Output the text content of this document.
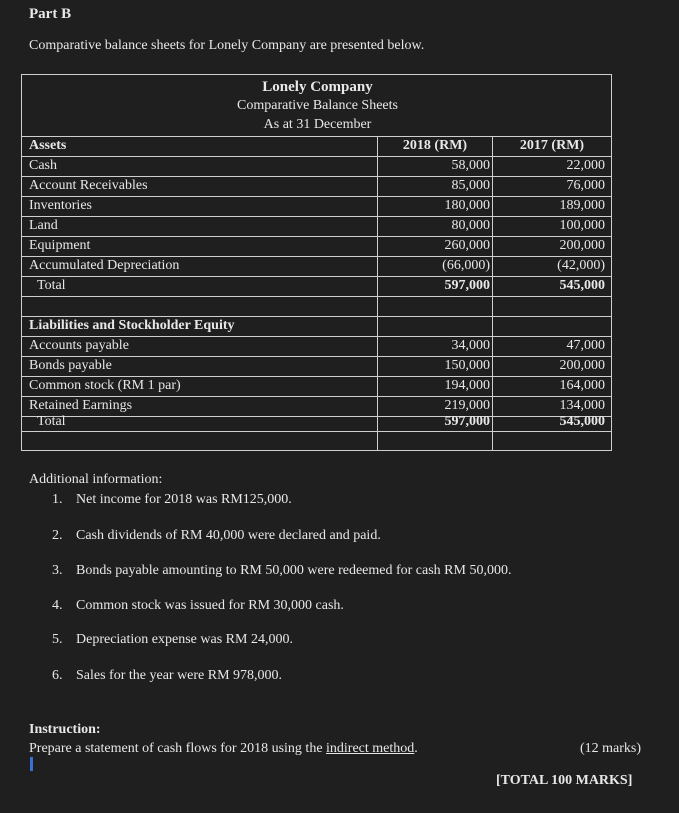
Part B
Comparative balance sheets for Lonely Company are presented below.
Lonely Company
Comparative Balance Sheets
As at 31 December
Assets	2018 (RM)	2017 (RM)
Cash	58,000	22,000
Account Receivables	85,000	76,000
Inventories	180,000	189,000
Land	80,000	100,000
Equipment	260,000	200,000
Accumulated Depreciation	(66,000)	(42,000)
Total	597,000	545,000
Liabilities and Stockholder Equity
Accounts payable	34,000	47,000
Bonds payable	150,000	200,000
Common stock (RM 1 par)	194,000	164,000
Retained Earnings	219,000	134,000
Total	597,000	545,000
Additional information:
1. Net income for 2018 was RM125,000.
2. Cash dividends of RM 40,000 were declared and paid.
3. Bonds payable amounting to RM 50,000 were redeemed for cash RM 50,000.
4. Common stock was issued for RM 30,000 cash.
5. Depreciation expense was RM 24,000.
6. Sales for the year were RM 978,000.
Instruction:
Prepare a statement of cash flows for 2018 using the indirect method.	(12 marks)
[TOTAL 100 MARKS]
